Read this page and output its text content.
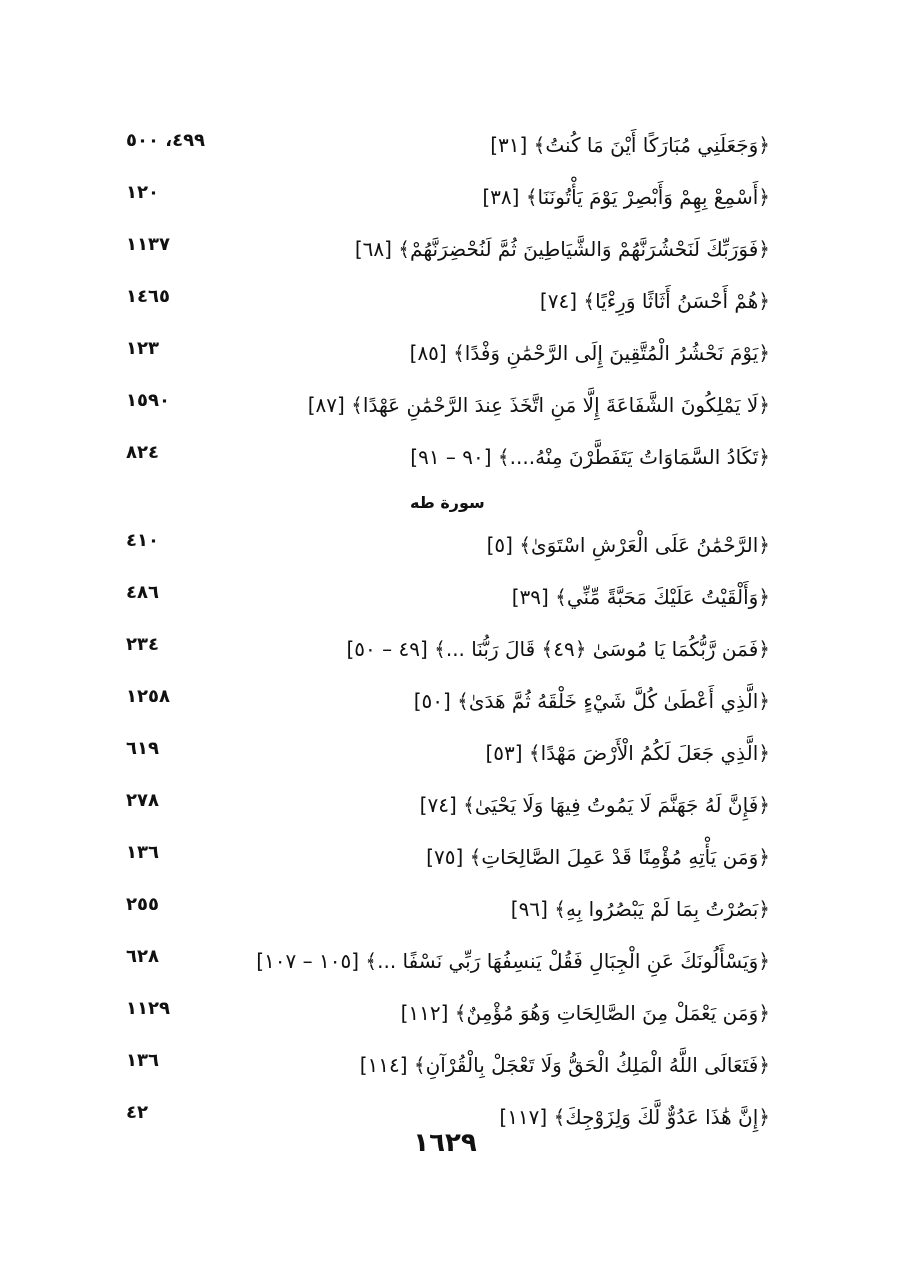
﴿وَجَعَلَنِي مُبَارَكًا أَيْنَ مَا كُنتُ﴾ [٣١]
٤٩٩، ٥٠٠
﴿أَسْمِعْ بِهِمْ وَأَبْصِرْ يَوْمَ يَأْتُونَنَا﴾ [٣٨]
١٢٠
﴿فَوَرَبِّكَ لَنَحْشُرَنَّهُمْ وَالشَّيَاطِينَ ثُمَّ لَنُحْضِرَنَّهُمْ﴾ [٦٨]
١١٣٧
﴿هُمْ أَحْسَنُ أَثَاثًا وَرِءْيًا﴾ [٧٤]
١٤٦٥
﴿يَوْمَ نَحْشُرُ الْمُتَّقِينَ إِلَى الرَّحْمَٰنِ وَفْدًا﴾ [٨٥]
١٢٣
﴿لَا يَمْلِكُونَ الشَّفَاعَةَ إِلَّا مَنِ اتَّخَذَ عِندَ الرَّحْمَٰنِ عَهْدًا﴾ [٨٧]
١٥٩٠
﴿تَكَادُ السَّمَاوَاتُ يَتَفَطَّرْنَ مِنْهُ....﴾ [٩٠ – ٩١]
٨٢٤
سورة طه
﴿الرَّحْمَٰنُ عَلَى الْعَرْشِ اسْتَوَىٰ﴾ [٥]
٤١٠
﴿وَأَلْقَيْتُ عَلَيْكَ مَحَبَّةً مِّنِّي﴾ [٣٩]
٤٨٦
﴿فَمَن رَّبُّكُمَا يَا مُوسَىٰ ﴿٤٩﴾ قَالَ رَبُّنَا ...﴾ [٤٩ – ٥٠]
٢٣٤
﴿الَّذِي أَعْطَىٰ كُلَّ شَيْءٍ خَلْقَهُ ثُمَّ هَدَىٰ﴾ [٥٠]
١٢٥٨
﴿الَّذِي جَعَلَ لَكُمُ الْأَرْضَ مَهْدًا﴾ [٥٣]
٦١٩
﴿فَإِنَّ لَهُ جَهَنَّمَ لَا يَمُوتُ فِيهَا وَلَا يَحْيَىٰ﴾ [٧٤]
٢٧٨
﴿وَمَن يَأْتِهِ مُؤْمِنًا قَدْ عَمِلَ الصَّالِحَاتِ﴾ [٧٥]
١٣٦
﴿بَصُرْتُ بِمَا لَمْ يَبْصُرُوا بِهِ﴾ [٩٦]
٢٥٥
﴿وَيَسْأَلُونَكَ عَنِ الْجِبَالِ فَقُلْ يَنسِفُهَا رَبِّي نَسْفًا ...﴾ [١٠٥ – ١٠٧]
٦٢٨
﴿وَمَن يَعْمَلْ مِنَ الصَّالِحَاتِ وَهُوَ مُؤْمِنٌ﴾ [١١٢]
١١٢٩
﴿فَتَعَالَى اللَّهُ الْمَلِكُ الْحَقُّ وَلَا تَعْجَلْ بِالْقُرْآنِ﴾ [١١٤]
١٣٦
﴿إِنَّ هَٰذَا عَدُوٌّ لَّكَ وَلِزَوْجِكَ﴾ [١١٧]
٤٢
١٦٢٩
